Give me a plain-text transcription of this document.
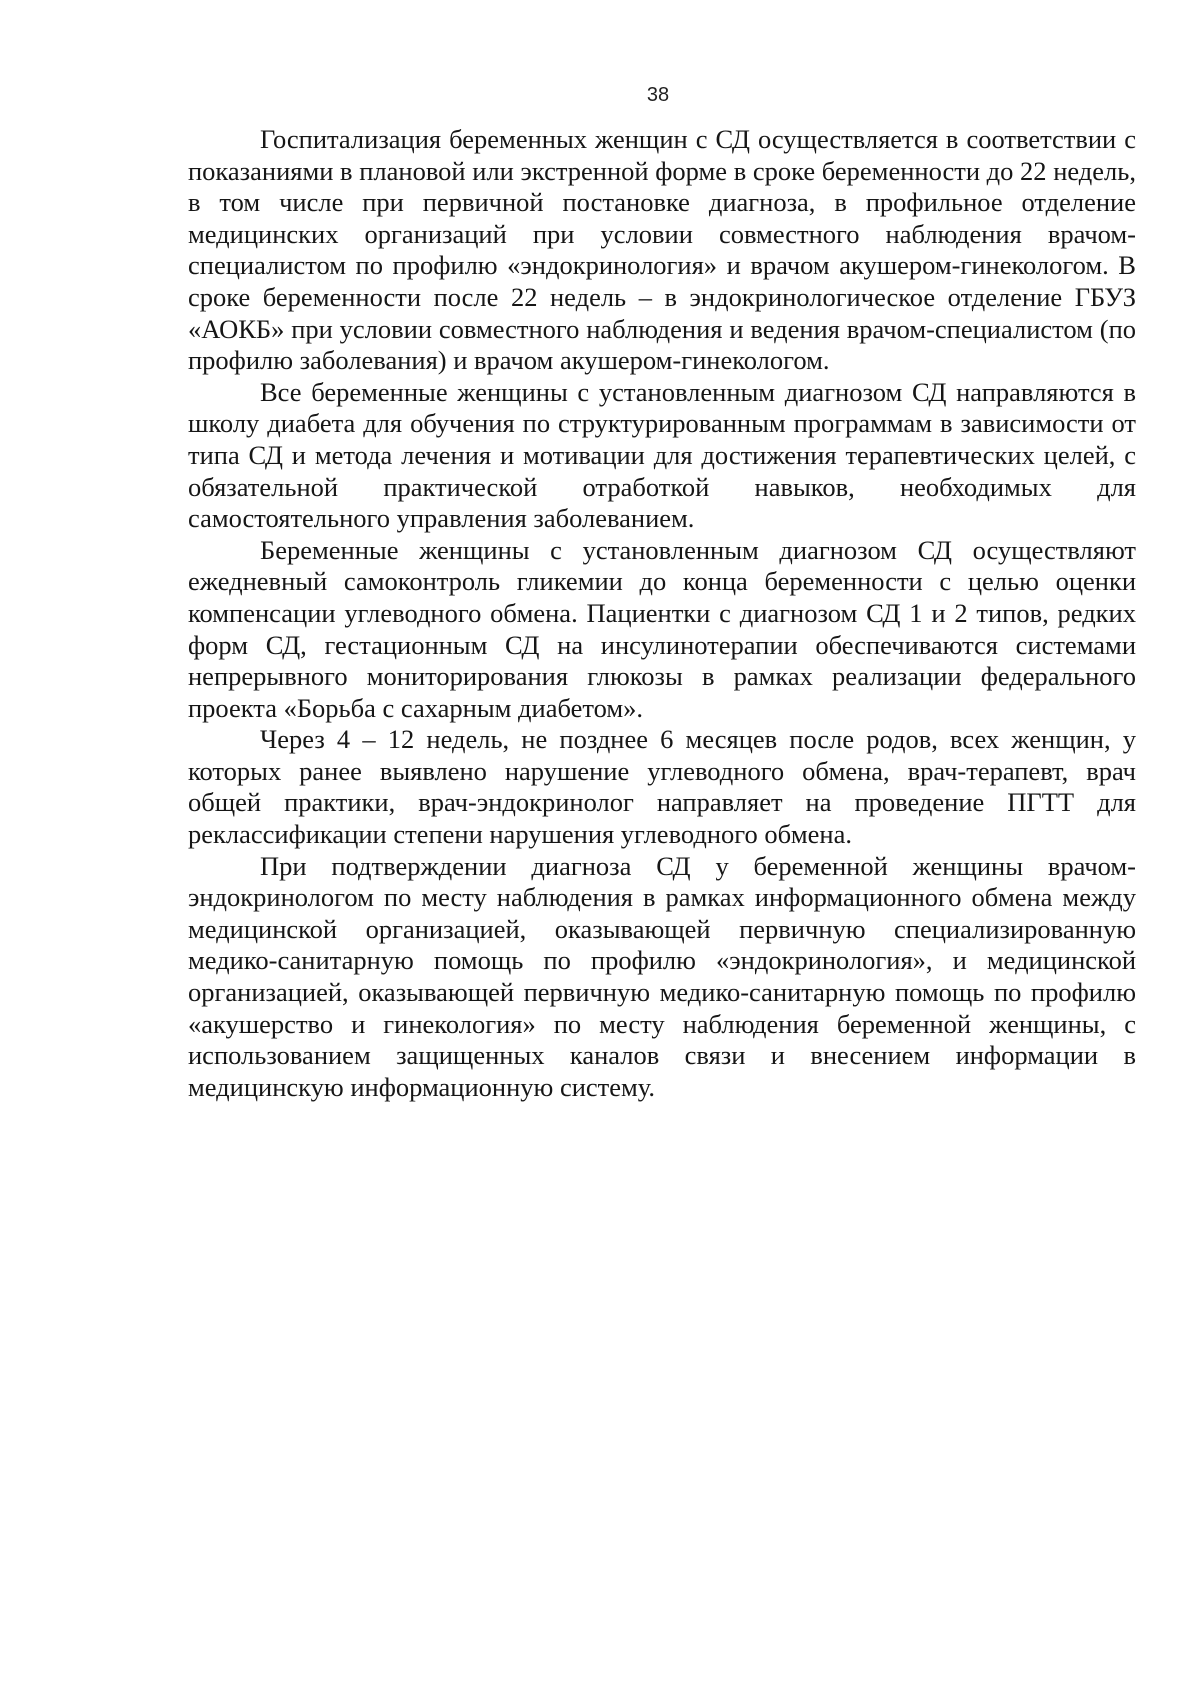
38

Госпитализация беременных женщин с СД осуществляется в соответствии с показаниями в плановой или экстренной форме в сроке беременности до 22 недель, в том числе при первичной постановке диагноза, в профильное отделение медицинских организаций при условии совместного наблюдения врачом-специалистом по профилю «эндокринология» и врачом акушером-гинекологом. В сроке беременности после 22 недель – в эндокринологическое отделение ГБУЗ «АОКБ» при условии совместного наблюдения и ведения врачом-специалистом (по профилю заболевания) и врачом акушером-гинекологом.

Все беременные женщины с установленным диагнозом СД направляются в школу диабета для обучения по структурированным программам в зависимости от типа СД и метода лечения и мотивации для достижения терапевтических целей, с обязательной практической отработкой навыков, необходимых для самостоятельного управления заболеванием.

Беременные женщины с установленным диагнозом СД осуществляют ежедневный самоконтроль гликемии до конца беременности с целью оценки компенсации углеводного обмена. Пациентки с диагнозом СД 1 и 2 типов, редких форм СД, гестационным СД на инсулинотерапии обеспечиваются системами непрерывного мониторирования глюкозы в рамках реализации федерального проекта «Борьба с сахарным диабетом».

Через 4 – 12 недель, не позднее 6 месяцев после родов, всех женщин, у которых ранее выявлено нарушение углеводного обмена, врач-терапевт, врач общей практики, врач-эндокринолог направляет на проведение ПГТТ для реклассификации степени нарушения углеводного обмена.

При подтверждении диагноза СД у беременной женщины врачом-эндокринологом по месту наблюдения в рамках информационного обмена между медицинской организацией, оказывающей первичную специализированную медико-санитарную помощь по профилю «эндокринология», и медицинской организацией, оказывающей первичную медико-санитарную помощь по профилю «акушерство и гинекология» по месту наблюдения беременной женщины, с использованием защищенных каналов связи и внесением информации в медицинскую информационную систему.
